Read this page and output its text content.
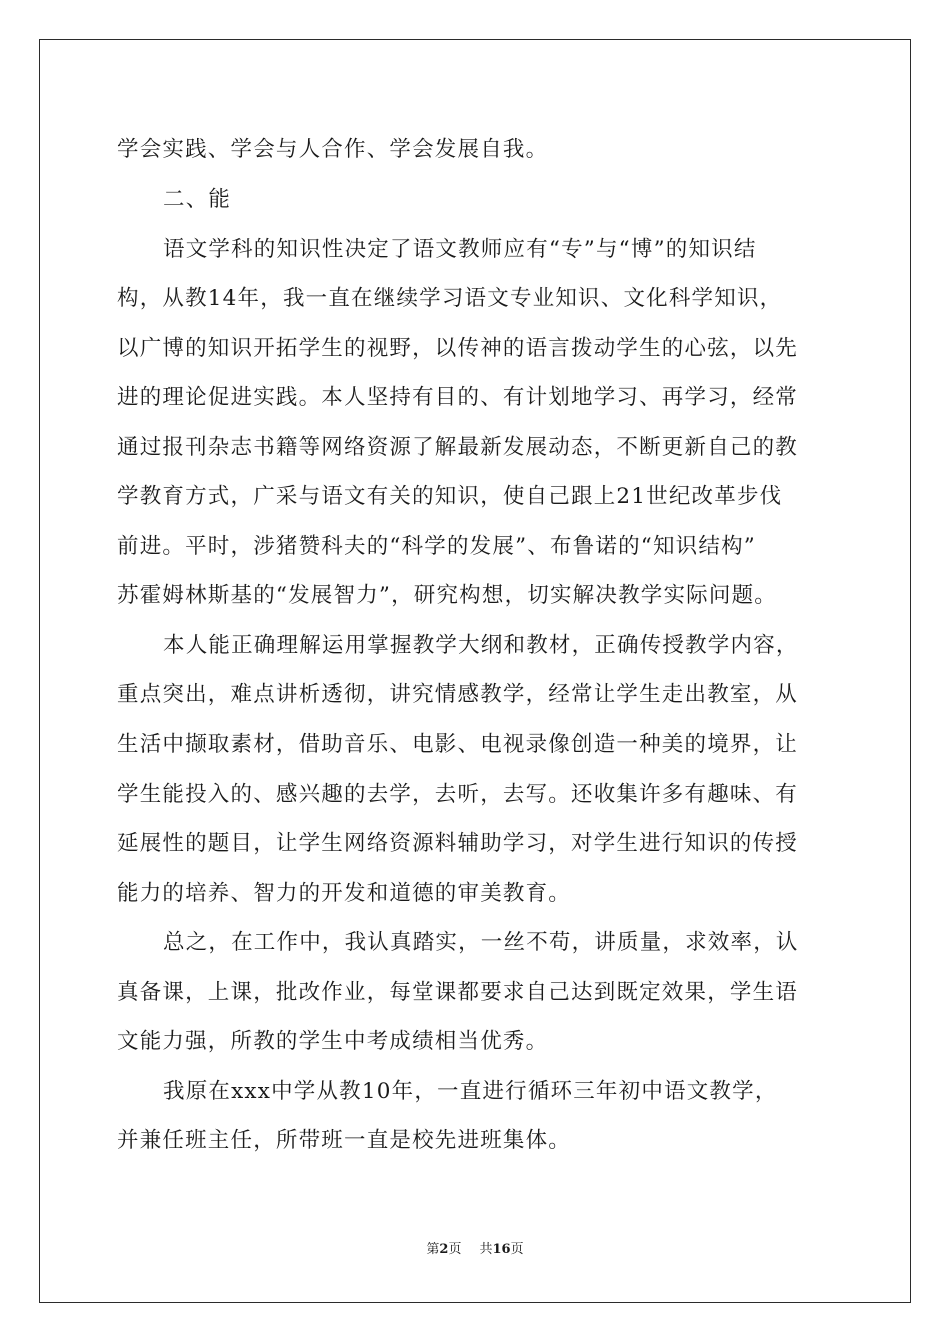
学会实践、学会与人合作、学会发展自我。
二、能
语文学科的知识性决定了语文教师应有“专”与“博”的知识结
构，从教14年，我一直在继续学习语文专业知识、文化科学知识，
以广博的知识开拓学生的视野，以传神的语言拨动学生的心弦，以先
进的理论促进实践。本人坚持有目的、有计划地学习、再学习，经常
通过报刊杂志书籍等网络资源了解最新发展动态，不断更新自己的教
学教育方式，广采与语文有关的知识，使自己跟上21世纪改革步伐
前进。平时，涉猪赞科夫的“科学的发展”、布鲁诺的“知识结构”
苏霍姆林斯基的“发展智力”，研究构想，切实解决教学实际问题。
本人能正确理解运用掌握教学大纲和教材，正确传授教学内容，
重点突出，难点讲析透彻，讲究情感教学，经常让学生走出教室，从
生活中撷取素材，借助音乐、电影、电视录像创造一种美的境界，让
学生能投入的、感兴趣的去学，去听，去写。还收集许多有趣味、有
延展性的题目，让学生网络资源料辅助学习，对学生进行知识的传授
能力的培养、智力的开发和道德的审美教育。
总之，在工作中，我认真踏实，一丝不苟，讲质量，求效率，认
真备课，上课，批改作业，每堂课都要求自己达到既定效果，学生语
文能力强，所教的学生中考成绩相当优秀。
我原在xxx中学从教10年，一直进行循环三年初中语文教学，
并兼任班主任，所带班一直是校先进班集体。
第2页 共16页
